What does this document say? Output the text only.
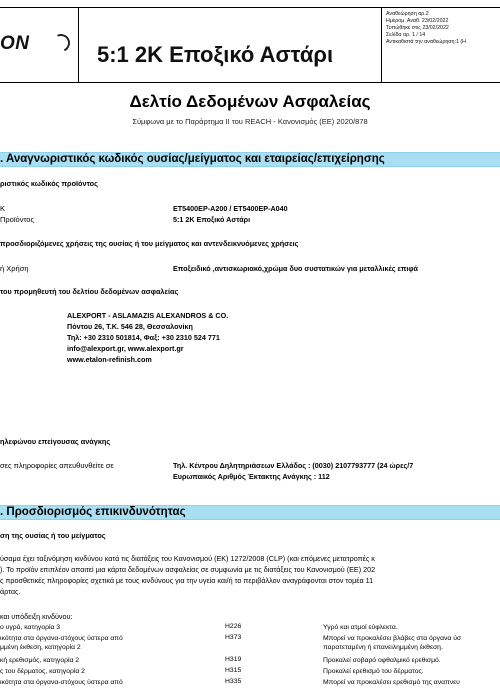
ON	5:1 2K Εποξικό Αστάρι
Αναθεώρηση αρ.2
Ημερομ. Αναθ. 23/02/2022
Τυπώθηκε στις 23/02/2022
Σελίδα αρ. 1 / 14
Αντικαθιστά την αναθεώρηση:1 (Η
Δελτίο Δεδομένων Ασφαλείας
Σύμφωνα με το Παράρτημα II του REACH - Κανονισμός (ΕΕ) 2020/878
. Αναγνωριστικός κωδικός ουσίας/μείγματος και εταιρείας/επιχείρησης
ριστικός κωδικός προϊόντος
Κ	ET5400EP-A200 / ET5400EP-A040
Προϊόντος	5:1 2K Εποξικό Αστάρι
προσδιοριζόμενες χρήσεις της ουσίας ή του μείγματος και αντενδεικνυόμενες χρήσεις
ή Χρήση	Εποξειδικό ,αντισκωριακό,χρώμα δυο συστατικών για μεταλλικές επιφά
του προμηθευτή του δελτίου δεδομένων ασφαλείας
ALEXPORT - ASLAMAZIS ALEXANDROS & CO.
Πόντου 26, Τ.Κ. 546 28, Θεσσαλονίκη
Τηλ: +30 2310 501814, Φαξ: +30 2310 524 771
info@alexport.gr, www.alexport.gr
www.etalon-refinish.com
ηλεφώνου επείγουσας ανάγκης
σες πληροφορίες απευθυνθείτε σε	Τηλ. Κέντρου Δηλητηριάσεων Ελλάδος : (0030) 2107793777 (24 ώρες/7
Ευρωπαικός Αριθμός Έκτακτης Ανάγκης : 112
. Προσδιορισμός επικινδυνότητας
ση της ουσίας ή του μείγματος
ύσαμα έχει ταξινόμηση κινδύνου κατά τις διατάξεις του Κανονισμού (ΕΚ) 1272/2008 (CLP) (και επόμενες μετατροπές κ
). Το προϊόν επιπλέον απαιτεί μια κάρτα δεδομένων ασφαλείας σε συμφωνία με τις διατάξεις του Κανονισμού (ΕΕ) 202
ς προσθετικές πληροφορίες σχετικά με τους κινδύνους για την υγεία και/ή το περιβάλλον αναγράφονται στον τομέα 11
άρτας.
και υπόδειξη κινδύνου:
ο υγρό, κατηγορία 3	H226	Υγρό και ατμοί εύφλεκτα.
ικότητα στα όργανα-στόχους ύστερα από
μμένη έκθεση, κατηγορία 2
H373	Μπορεί να προκαλέσει βλάβες στα όργανα ύσ
παρατεταμένη ή επανειλημμένη έκθεση.
κή ερεθισμός, κατηγορία 2	H319	Προκαλεί σοβαρό οφθαλμικό ερεθισμό.
ς του δέρματος, κατηγορία 2	H315	Προκαλεί ερεθισμό του δέρματος.
ικότητα στα όργανα-στόχους ύστερα από	H335	Μπορεί να προκαλέσει ερεθισμό της αναπνευ
